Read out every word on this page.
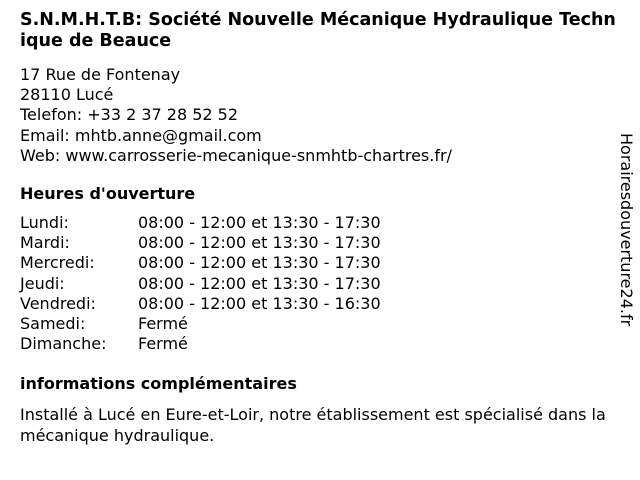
S.N.M.H.T.B: Société Nouvelle Mécanique Hydraulique Technique de Beauce
17 Rue de Fontenay
28110 Lucé
Telefon: +33 2 37 28 52 52
Email: mhtb.anne@gmail.com
Web: www.carrosserie-mecanique-snmhtb-chartres.fr/
Heures d'ouverture
Lundi:	08:00 - 12:00 et 13:30 - 17:30
Mardi:	08:00 - 12:00 et 13:30 - 17:30
Mercredi:	08:00 - 12:00 et 13:30 - 17:30
Jeudi:	08:00 - 12:00 et 13:30 - 17:30
Vendredi:	08:00 - 12:00 et 13:30 - 16:30
Samedi:	Fermé
Dimanche: Fermé
informations complémentaires
Installé à Lucé en Eure-et-Loir, notre établissement est spécialisé dans la mécanique hydraulique.
Horairesdouverture24.fr
